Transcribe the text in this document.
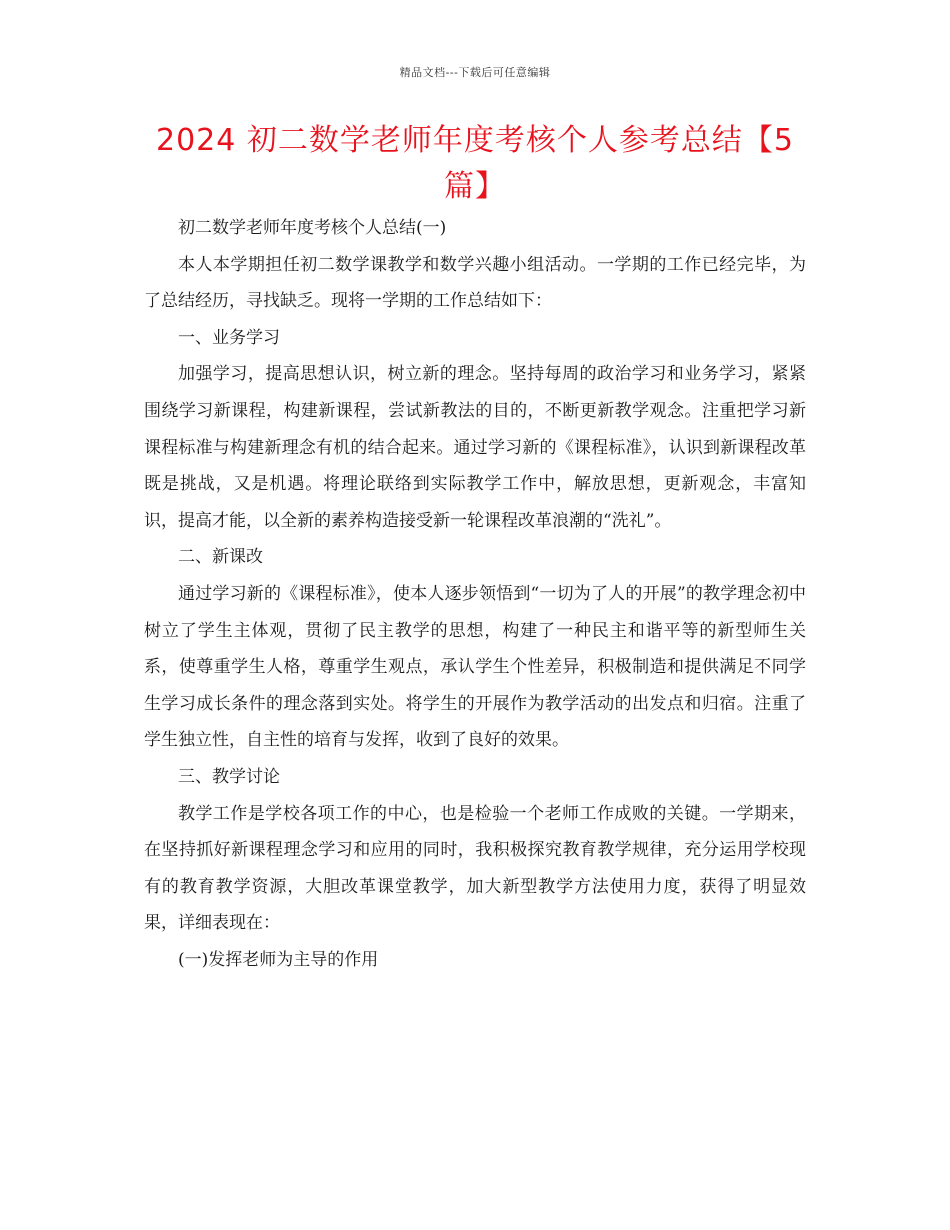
精品文档---下载后可任意编辑
2024 初二数学老师年度考核个人参考总结【5篇】

初二数学老师年度考核个人总结(一)

本人本学期担任初二数学课教学和数学兴趣小组活动。一学期的工作已经完毕，为了总结经历，寻找缺乏。现将一学期的工作总结如下：

一、业务学习

加强学习，提高思想认识，树立新的理念。坚持每周的政治学习和业务学习，紧紧围绕学习新课程，构建新课程，尝试新教法的目的，不断更新教学观念。注重把学习新课程标准与构建新理念有机的结合起来。通过学习新的《课程标准》，认识到新课程改革既是挑战，又是机遇。将理论联络到实际教学工作中，解放思想，更新观念，丰富知识，提高才能，以全新的素养构造接受新一轮课程改革浪潮的“洗礼”。

二、新课改

通过学习新的《课程标准》，使本人逐步领悟到“一切为了人的开展”的教学理念初中树立了学生主体观，贯彻了民主教学的思想，构建了一种民主和谐平等的新型师生关系，使尊重学生人格，尊重学生观点，承认学生个性差异，积极制造和提供满足不同学生学习成长条件的理念落到实处。将学生的开展作为教学活动的出发点和归宿。注重了学生独立性，自主性的培育与发挥，收到了良好的效果。

三、教学讨论

教学工作是学校各项工作的中心，也是检验一个老师工作成败的关键。一学期来，在坚持抓好新课程理念学习和应用的同时，我积极探究教育教学规律，充分运用学校现有的教育教学资源，大胆改革课堂教学，加大新型教学方法使用力度，获得了明显效果，详细表现在：

(一)发挥老师为主导的作用
